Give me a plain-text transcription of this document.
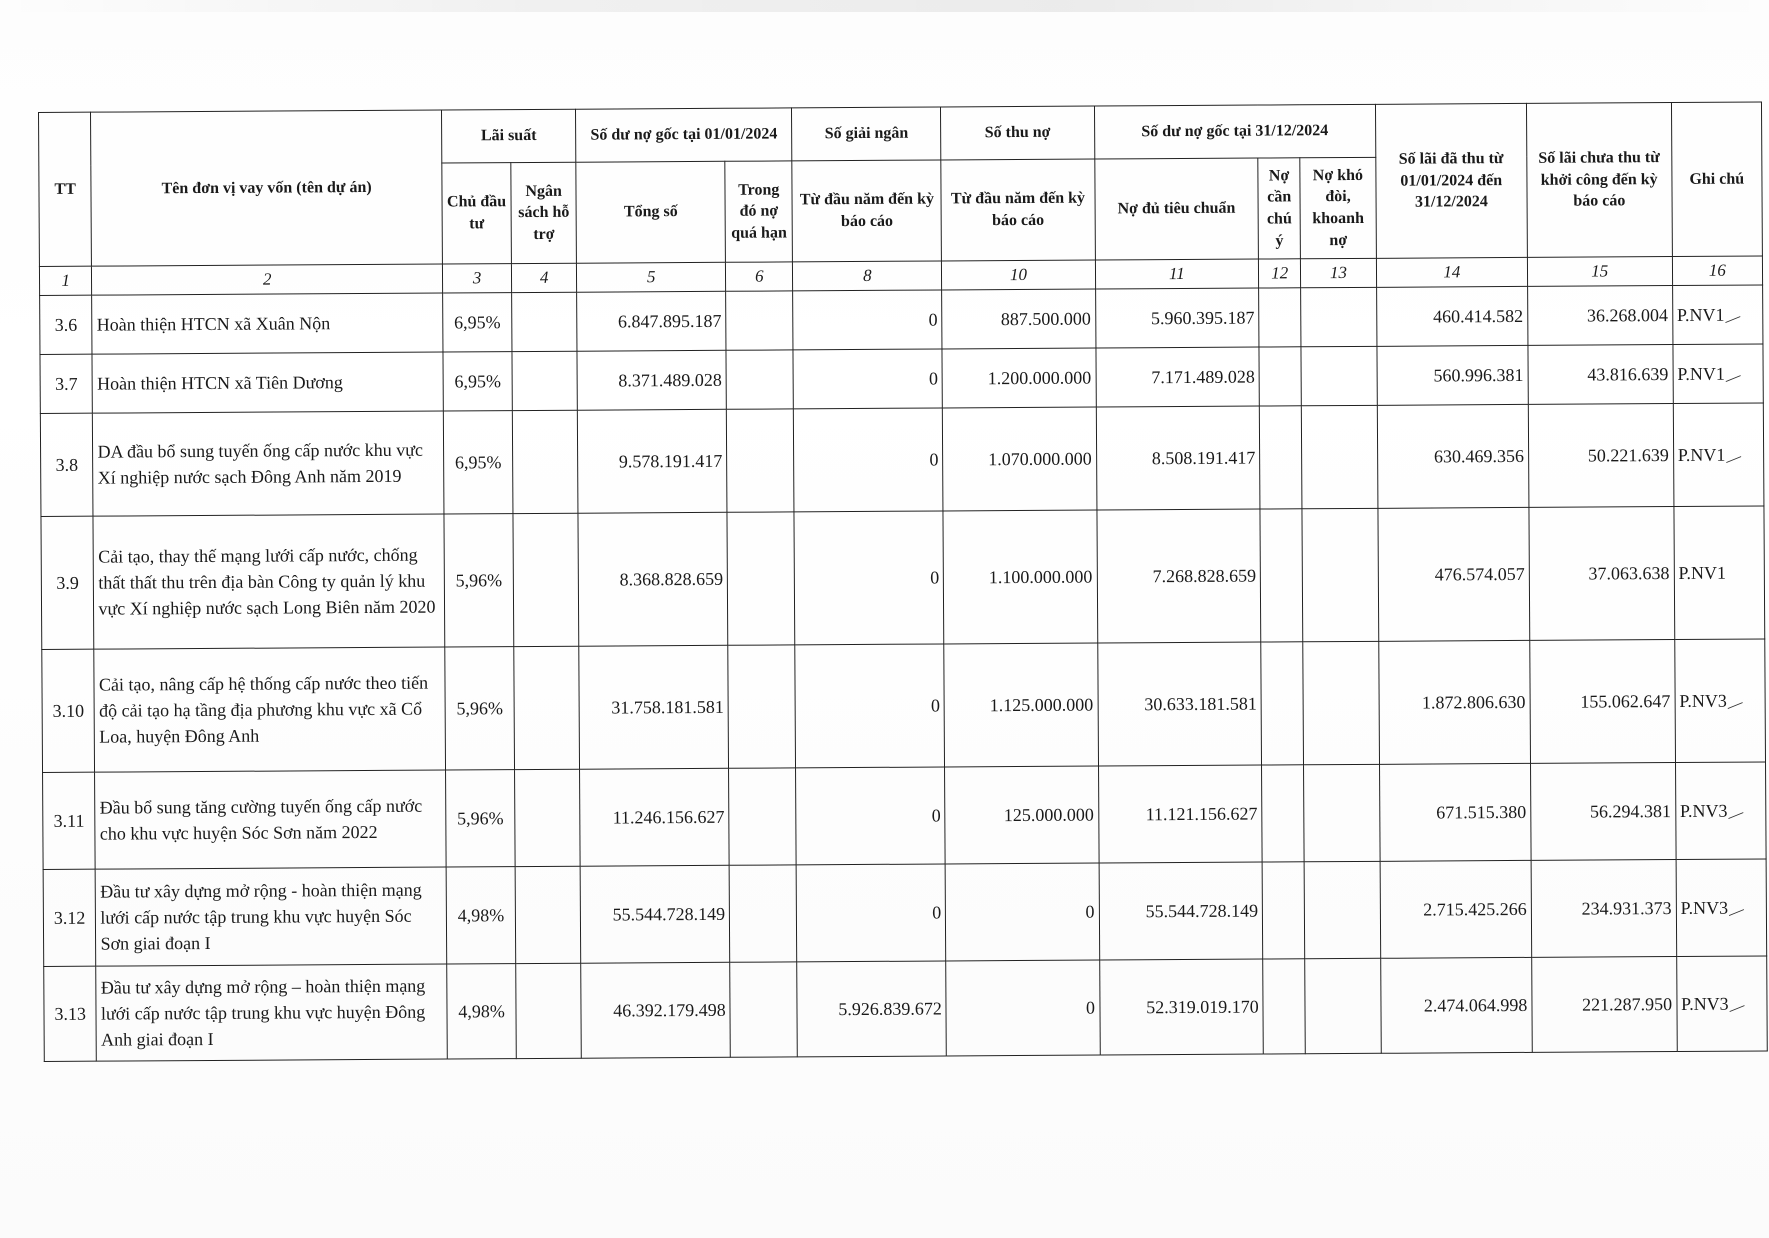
TT	Tên đơn vị vay vốn (tên dự án)	Lãi suất		Số dư nợ gốc tại 01/01/2024		Số giải ngân	Số thu nợ	Số dư nợ gốc tại 31/12/2024			Số lãi đã thu từ 01/01/2024 đến 31/12/2024	Số lãi chưa thu từ khởi công đến kỳ báo cáo	Ghi chú
		Chủ đầu tư	Ngân sách hỗ trợ	Tổng số	Trong đó nợ quá hạn	Từ đầu năm đến kỳ báo cáo	Từ đầu năm đến kỳ báo cáo	Nợ đủ tiêu chuẩn	Nợ cần chú ý	Nợ khó đòi, khoanh nợ			
1	2	3	4	5	6	8	10	11	12	13	14	15	16
3.6	Hoàn thiện HTCN xã Xuân Nộn	6,95%		6.847.895.187		0	887.500.000	5.960.395.187			460.414.582	36.268.004	P.NV1
3.7	Hoàn thiện HTCN xã Tiên Dương	6,95%		8.371.489.028		0	1.200.000.000	7.171.489.028			560.996.381	43.816.639	P.NV1
3.8	DA đầu bổ sung tuyến ống cấp nước khu vực Xí nghiệp nước sạch Đông Anh năm 2019	6,95%		9.578.191.417		0	1.070.000.000	8.508.191.417			630.469.356	50.221.639	P.NV1
3.9	Cải tạo, thay thế mạng lưới cấp nước, chống thất thất thu trên địa bàn Công ty quản lý khu vực Xí nghiệp nước sạch Long Biên năm 2020	5,96%		8.368.828.659		0	1.100.000.000	7.268.828.659			476.574.057	37.063.638	P.NV1
3.10	Cải tạo, nâng cấp hệ thống cấp nước theo tiến độ cải tạo hạ tầng địa phương khu vực xã Cổ Loa, huyện Đông Anh	5,96%		31.758.181.581		0	1.125.000.000	30.633.181.581			1.872.806.630	155.062.647	P.NV3
3.11	Đầu bổ sung tăng cường tuyến ống cấp nước cho khu vực huyện Sóc Sơn năm 2022	5,96%		11.246.156.627		0	125.000.000	11.121.156.627			671.515.380	56.294.381	P.NV3
3.12	Đầu tư xây dựng mở rộng - hoàn thiện mạng lưới cấp nước tập trung khu vực huyện Sóc Sơn giai đoạn I	4,98%		55.544.728.149		0	0	55.544.728.149			2.715.425.266	234.931.373	P.NV3
3.13	Đầu tư xây dựng mở rộng – hoàn thiện mạng lưới cấp nước tập trung khu vực huyện Đông Anh giai đoạn I	4,98%		46.392.179.498		5.926.839.672	0	52.319.019.170			2.474.064.998	221.287.950	P.NV3
